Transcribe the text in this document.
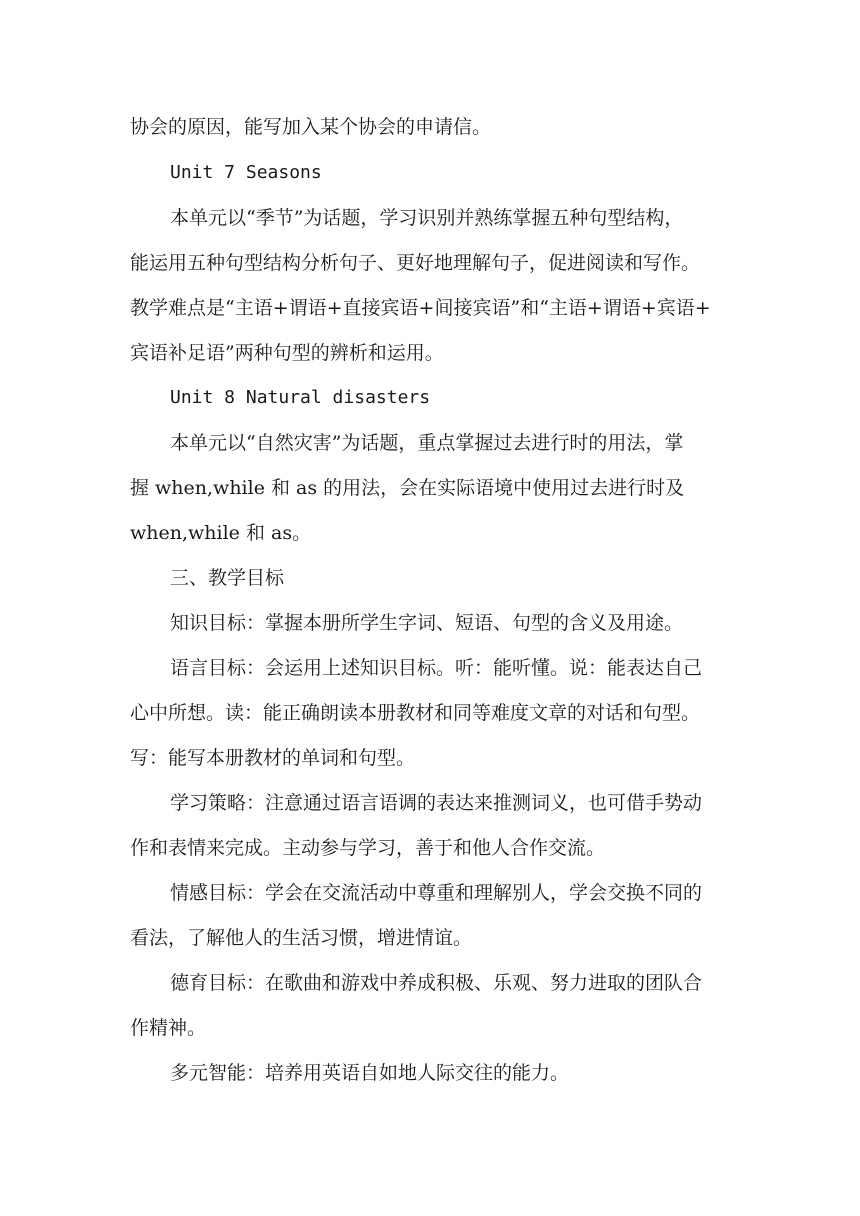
协会的原因，能写加入某个协会的申请信。
Unit 7 Seasons
本单元以“季节”为话题，学习识别并熟练掌握五种句型结构，
能运用五种句型结构分析句子、更好地理解句子，促进阅读和写作。
教学难点是“主语+谓语+直接宾语+间接宾语”和“主语+谓语+宾语+
宾语补足语”两种句型的辨析和运用。
Unit 8 Natural disasters
本单元以“自然灾害”为话题，重点掌握过去进行时的用法，掌
握 when,while 和 as 的用法，会在实际语境中使用过去进行时及
when,while 和 as。
三、教学目标
知识目标：掌握本册所学生字词、短语、句型的含义及用途。
语言目标：会运用上述知识目标。听：能听懂。说：能表达自己
心中所想。读：能正确朗读本册教材和同等难度文章的对话和句型。
写：能写本册教材的单词和句型。
学习策略：注意通过语言语调的表达来推测词义，也可借手势动
作和表情来完成。主动参与学习，善于和他人合作交流。
情感目标：学会在交流活动中尊重和理解别人，学会交换不同的
看法，了解他人的生活习惯，增进情谊。
德育目标：在歌曲和游戏中养成积极、乐观、努力进取的团队合
作精神。
多元智能：培养用英语自如地人际交往的能力。
